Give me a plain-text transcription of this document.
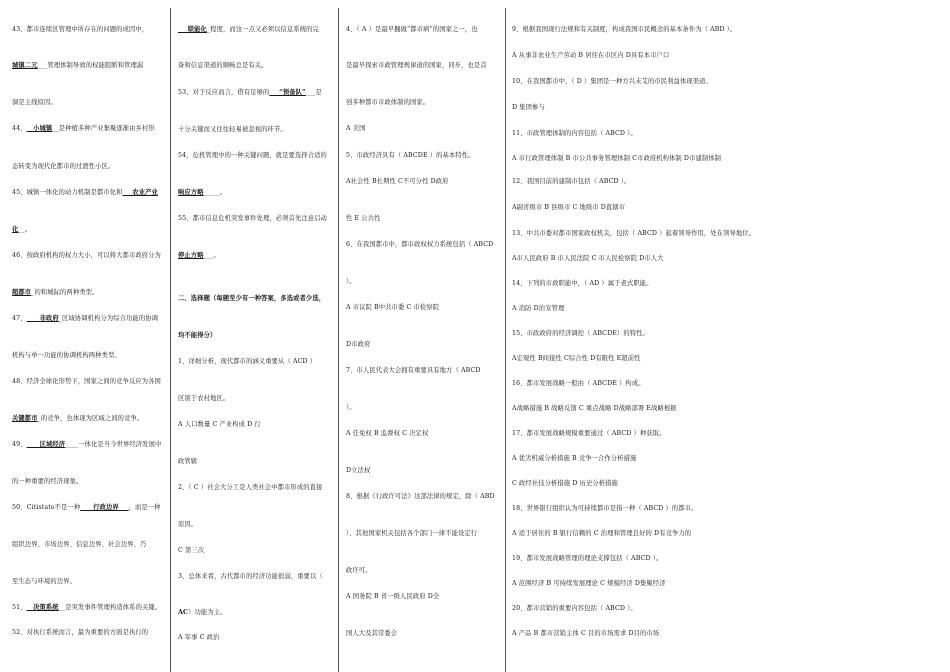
43、都市连续区管理中所存在的问题的成因中，
城镇二元___管理体制导致的权能阻断和管理漏
洞是主线原因。
44、__小城镇__是种植多种产业集聚逐渐由乡村形
态转变为现代化都市的过渡性小区。
45、城镇一体化的动力机制是都市化和___农业产业
化__。
46、按政府机构的权力大小，可以将大都市政府分为
超都市_的和城际的两种类型。
47、____非政府_区域协调机构分为综合功能的协调
机构与单一功能的协调机构两种类型。
48、经济全球化形势下，国家之间的竞争反应为各国
关键都市_的竞争，也体现为区域之间的竞争。
49、____区域经济____一体化是当今世界经济发展中
的一种重要的经济现象。
50、Citistate不是一种____行政边界___，而是一种
组织边界、市场边界、信息边界、社会边界、乃
至生态与环境的边界。
51、__决策系统__是突发事件管理构造体系的关键。
52、对执行系统而言，最为重要的方面是执行的
___联能化_程度，而这一点又必须以信息系统的完
备和信息渠道的顺畅总是有关。
53、对于反应而言，借有足够的___“预备队”___是
十分关键而又往往轻易被忽视的环节。
54、危机管理中的一种关键问题，就是要选择合适的
响应方略_____。
55、都市信息危机突发事件处理，必须首先注意启动
停止方略___。
二、选择题（每题至少有一种答案，多选或者少选，
均不能得分）
1、详细分析，现代都市的涵义重要从（ ACD ）
区别于农村地区。
A 人口数量 C 产业构成 D 行
政管辖
2、（ C ）社会大分工是人类社会中都市形成的直接
原因。
C 第三次
3、总体来看，古代都市的经济功能很弱，重要以（
AC）功能为主。
A 军事 C 政治
4、（ A ）是最早翻做“都市病”的国家之一，也
是最早探索市政管理规律道的国家，同步，也是首
创多种都市市政体制的国家。
A 美国
5、市政经济具有（ ABCDE ）的基本特性。
A社会性 B长期性 C不可分性 D政府
性 E 公共性
6、在我国都市中，都市政权权力系统包括（ ABCD
）。
A 市议院 B中共市委 C 市检察院
D市政府
7、市人民代表大会拥有重要具有地方（ ABCD
）。
A 任免权 B 监督权 C 决定权
D立法权
8、根据《行政许可法》这部法律的规定，除（ ABD
）、其他国家机关包括各个部门一律不能设定行
政许可。
A 国务院 B 省一级人民政府 D全
国人大及其常委会
9、根据我国现行法规和有关制度，构成我国市民概念的基本条件为（ ABD ）。
A 从事非农业生产劳动 B 居住在市区内 D具有本市户口
10、在我国都市中，（ D ）集团是一种方兴未艾的市民利益体现渠道。
D 集团参与
11、市政管理体制的内容包括（ ABCD ）。
A 市行政管理体制 B 市公共事务管理体制 C市政府机构体制 D市建制体制
12、我国目前的建制市包括（ ABCD ）。
A副省级市 B 县级市 C 地级市 D直辖市
13、中共市委对都市国家政权机关，包括（ ABCD ）起着领导作用，处在领导地位。
A市人民政府 B 市人民法院 C 市人民检察院 D市人大
14、下列的市政职能中，（ AD ）属于老式职能。
A 消防 D治安管理
15、市政政府的经济调控（ ABCDE）的特性。
A宏观性 B间接性 C综合性 D有限性 E超前性
16、都市发展战略一般由（ ABCDE ）构成。
A战略措施 B 战略反馈 C 重点战略 D战略部署 E战略根据
17、都市发展战略规模重要通过（ ABCD ）种获取。
A 优劣机威分析措施 B 竞争一合作分析措施
C 政经社技分析措施 D 历史分析措施
18、世界银行组织认为可持续都市是指一种（ ABCD ）的都市。
A 适于居住的 B 银行信赖的 C 治理和管理良好的 D有竞争力的
19、都市发展战略管理的理论支撑包括（ ABCD ）。
A 范围经济 B 可持续发展理论 C 规模经济 D集聚经济
20、都市营销的重要内容包括（ ABCD ）。
A 产品 B 都市营销主体 C 目的市场需求 D目的市场
